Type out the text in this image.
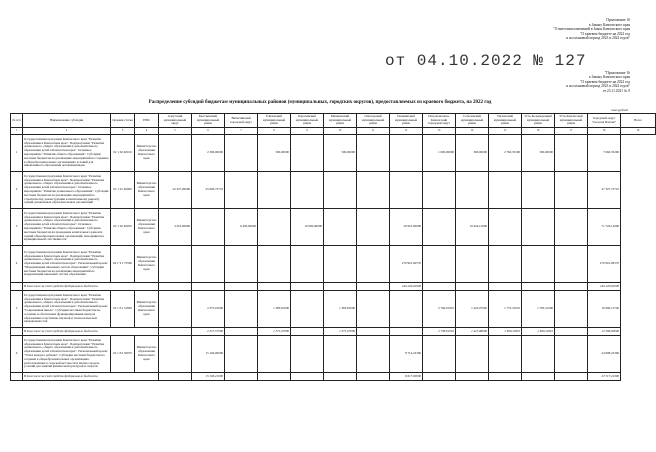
Приложение 16
к Закону Камчатского края
"О внесении изменений в Закон Камчатского края
"О краевом бюджете на 2022 год
и на плановый период 2023 и 2024 годов"
"Приложение 16
к Закону Камчатского края
"О краевом бюджете на 2022 год
и на плановый период 2023 и 2024 годов"
от 23.11.2021 № 9
от 04.10.2022 № 127
Распределение субсидий бюджетам муниципальных районов (муниципальных, городских округов), предоставляемых из краевого бюджета, на 2022 год
тыс.рублей
№ п/п	Наименование субсидии	Целевая статья	ГРБС	Алеутский муниципальный округ	Быстринский муниципальный район	Вилючинский городской округ	Елизовский муниципальный район	Карагинский муниципальный район	Мильковский муниципальный район	Олюторский муниципальный район	Пенжинский муниципальный район	Петропавловск-Камчатский городской округ	Соболевский муниципальный район	Тигильский муниципальный район	Усть-Большерецкий муниципальный район	Усть-Камчатский муниципальный район	Городской округ "поселок Палана"	Всего
1	2	3	4	5	6	7	8	9	10	11	12	13	14	15	16	17	18	19
1	Государственная программа Камчатского края "Развитие образования в Камчатском крае". Подпрограмма "Развитие дошкольного, общего образования и дополнительного образования детей в Камчатском крае". Основное мероприятие "Развитие общего образования". Субсидии местным бюджетам на реализацию мероприятий по созданию в общеобразовательных организациях условий для инклюзивного образования детей-инвалидов	02 1 02 40010	Министерство образования Камчатского края		2 300,00000		500,00000		500,00000			1 000,00000	300,00000	2 760,35290	300,00000		7 660,35290	
2	Государственная программа Камчатского края "Развитие образования в Камчатском крае". Подпрограмма "Развитие дошкольного, общего образования и дополнительного образования детей в Камчатском крае". Основное мероприятие "Развитие дошкольного образования". Субсидии местным бюджетам на реализацию мероприятий по строительству, реконструкции и капитальному ремонту зданий дошкольных образовательных организаций	02 1 01 40060	Министерство образования Камчатского края	22 327,00000	25 000,72710												47 327,72710	
3	Государственная программа Камчатского края "Развитие образования в Камчатском крае". Подпрограмма "Развитие дошкольного, общего образования и дополнительного образования детей в Камчатском крае". Основное мероприятие "Развитие общего образования". Субсидии местным бюджетам на проведение капитального ремонта зданий общеобразовательных организаций, находящихся в муниципальной собственности	02 1 02 40050	Министерство образования Камчатского края	3 210,00000		6 450,00000		10 000,00000			29 910,00000		19 454,12000				71 724,12000	
4	Государственная программа Камчатского края "Развитие образования в Камчатском крае". Подпрограмма "Развитие дошкольного, общего образования и дополнительного образования детей в Камчатском крае". Региональный проект "Модернизация школьных систем образования". Субсидии местным бюджетам на реализацию мероприятий по модернизации школьных систем образования	02 1 Y1 75500	Министерство образования Камчатского края								270 901,00570						270 901,00570	
	В том числе за счет средств федерального бюджета										249 229,92000						249 229,92000	
5	Государственная программа Камчатского края "Развитие образования в Камчатском крае". Подпрограмма "Развитие дошкольного, общего образования и дополнительного образования детей в Камчатском крае". Региональный проект "Современная школа". Субсидии местным бюджетам на создание и обеспечение функционирования центров образования естественно-научной и технологической направленностей	02 1 E1 51690	Министерство образования Камчатского края		2 375,91000		1 383,81000		1 383,81000			2 766,91910	1 423,07920	1 773,31010	1 783,31900		10 690,15740	
	В том числе за счет средств федерального бюджета				2 327,57500		1 371,97000		1 371,97000			2 738,91010	1 413,08000	1 690,11810	1 690,11810		12 596,00000	
6	Государственная программа Камчатского края "Развитие образования в Камчатском крае". Подпрограмма "Развитие дошкольного, общего образования и дополнительного образования детей в Камчатском крае". Региональный проект "Успех каждого ребенка". Субсидии местным бюджетам на создание в общеобразовательных организациях, расположенных в сельской местности и малых городах, условий для занятий физической культурой и спортом	02 1 E2 50970	Министерство образования Камчатского края		15 194,00000						8 714,22360						24 908,22360	
	В том числе за счет средств федерального бюджета				15 100,21000						8 617,00000						23 717,21000	
